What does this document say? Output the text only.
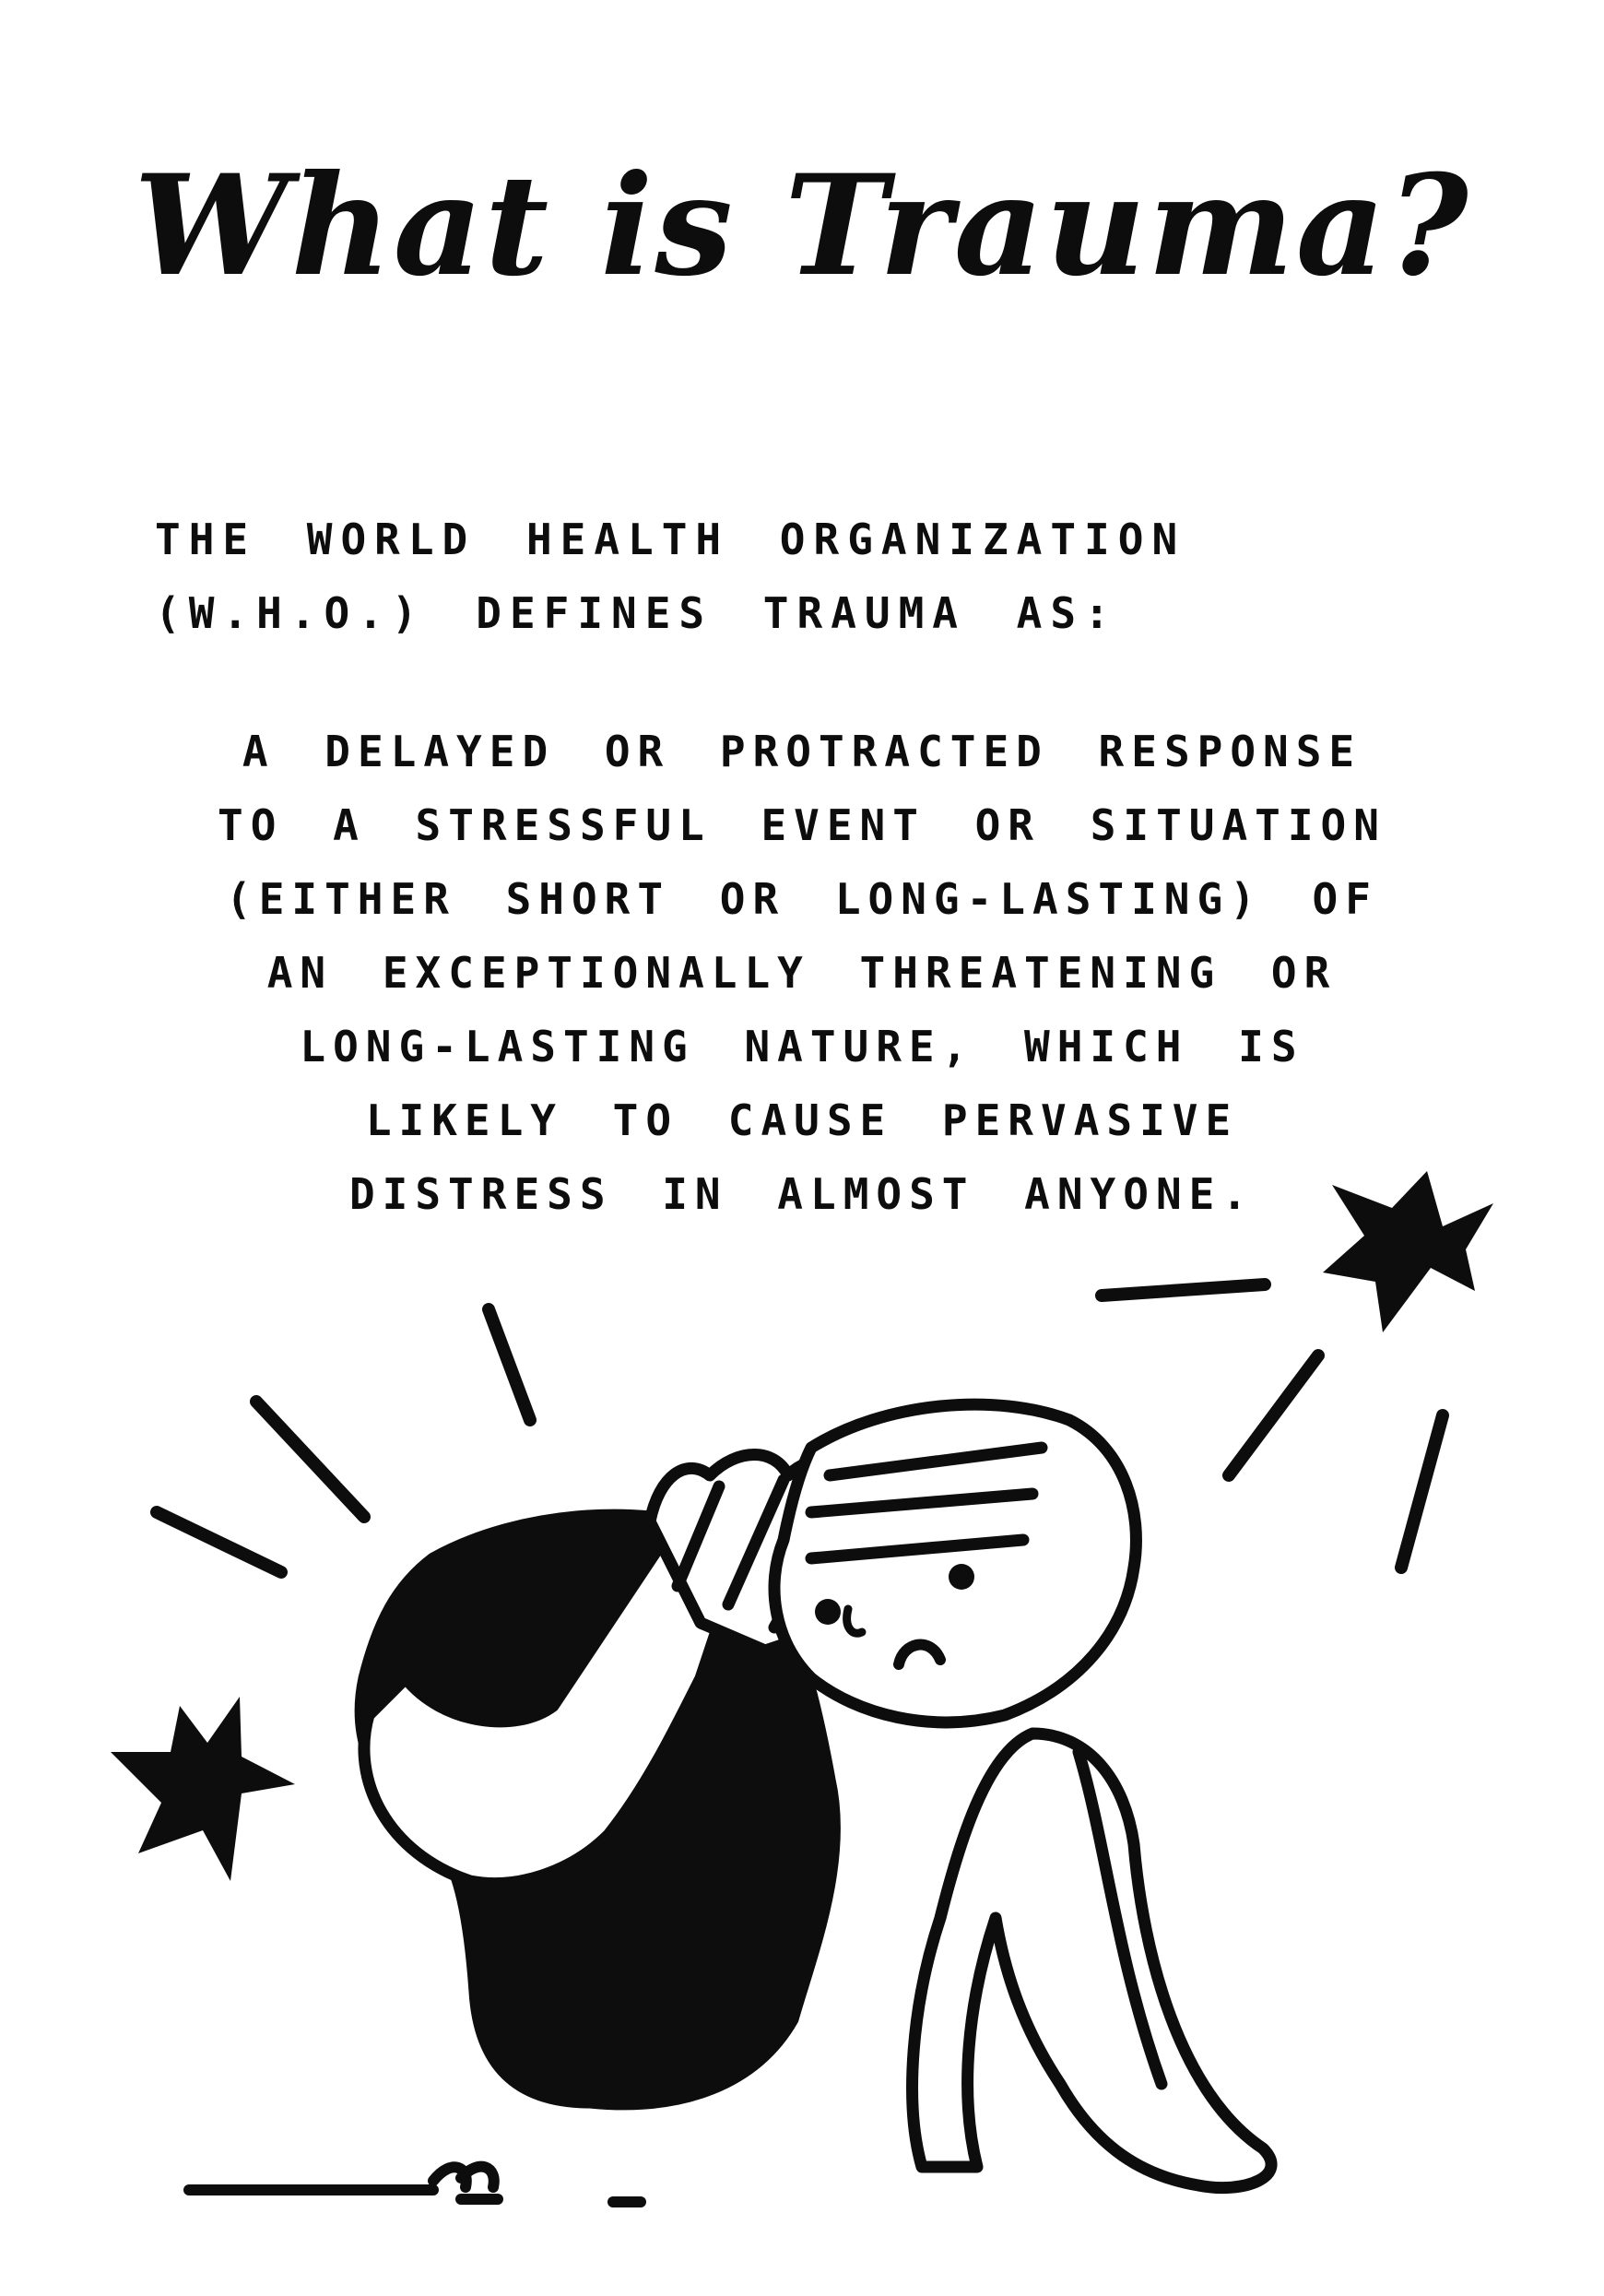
What is Trauma?
THE WORLD HEALTH ORGANIZATION
(W.H.O.) DEFINES TRAUMA AS:
A DELAYED OR PROTRACTED RESPONSE
TO A STRESSFUL EVENT OR SITUATION
(EITHER SHORT OR LONG-LASTING) OF
AN EXCEPTIONALLY THREATENING OR
LONG-LASTING NATURE, WHICH IS
LIKELY TO CAUSE PERVASIVE
DISTRESS IN ALMOST ANYONE.
